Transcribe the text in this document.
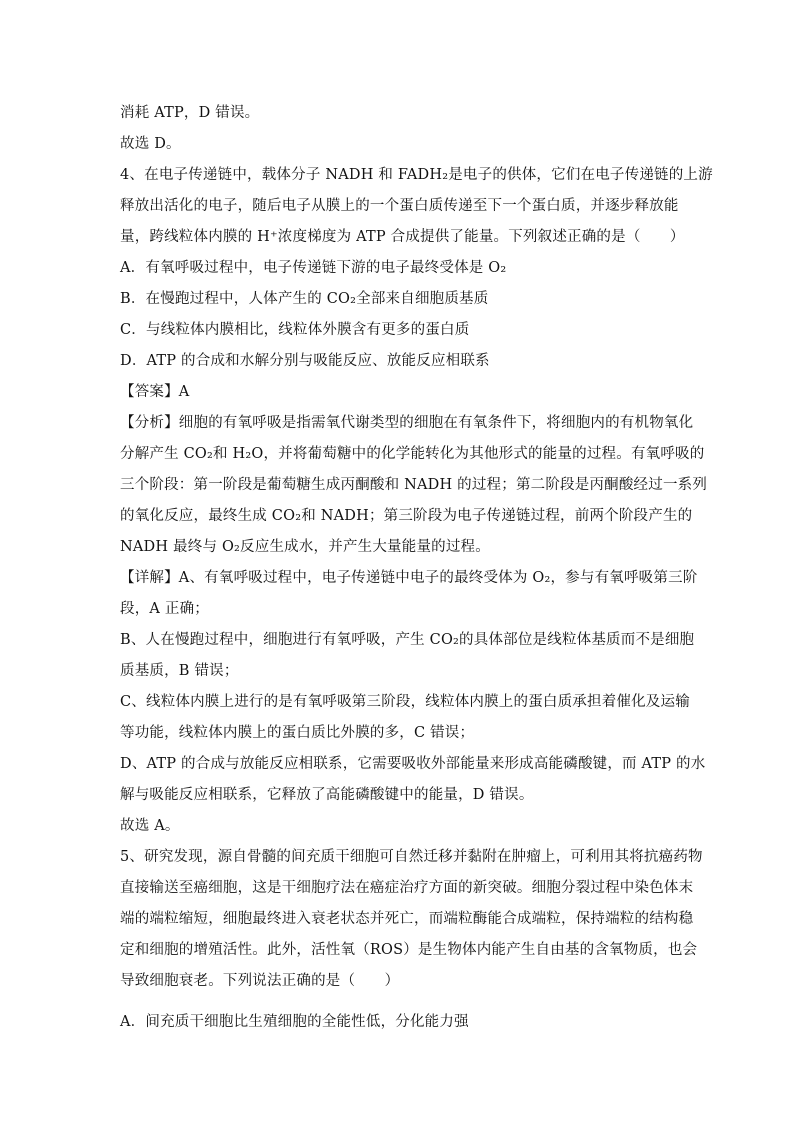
消耗 ATP，D 错误。
故选 D。
4、在电子传递链中，载体分子 NADH 和 FADH₂是电子的供体，它们在电子传递链的上游
释放出活化的电子，随后电子从膜上的一个蛋白质传递至下一个蛋白质，并逐步释放能
量，跨线粒体内膜的 H⁺浓度梯度为 ATP 合成提供了能量。下列叙述正确的是（　　）
A．有氧呼吸过程中，电子传递链下游的电子最终受体是 O₂
B．在慢跑过程中，人体产生的 CO₂全部来自细胞质基质
C．与线粒体内膜相比，线粒体外膜含有更多的蛋白质
D．ATP 的合成和水解分别与吸能反应、放能反应相联系
【答案】A
【分析】细胞的有氧呼吸是指需氧代谢类型的细胞在有氧条件下，将细胞内的有机物氧化
分解产生 CO₂和 H₂O，并将葡萄糖中的化学能转化为其他形式的能量的过程。有氧呼吸的
三个阶段：第一阶段是葡萄糖生成丙酮酸和 NADH 的过程；第二阶段是丙酮酸经过一系列
的氧化反应，最终生成 CO₂和 NADH；第三阶段为电子传递链过程，前两个阶段产生的
NADH 最终与 O₂反应生成水，并产生大量能量的过程。
【详解】A、有氧呼吸过程中，电子传递链中电子的最终受体为 O₂，参与有氧呼吸第三阶
段，A 正确；
B、人在慢跑过程中，细胞进行有氧呼吸，产生 CO₂的具体部位是线粒体基质而不是细胞
质基质，B 错误；
C、线粒体内膜上进行的是有氧呼吸第三阶段，线粒体内膜上的蛋白质承担着催化及运输
等功能，线粒体内膜上的蛋白质比外膜的多，C 错误；
D、ATP 的合成与放能反应相联系，它需要吸收外部能量来形成高能磷酸键，而 ATP 的水
解与吸能反应相联系，它释放了高能磷酸键中的能量，D 错误。
故选 A。
5、研究发现，源自骨髓的间充质干细胞可自然迁移并黏附在肿瘤上，可利用其将抗癌药物
直接输送至癌细胞，这是干细胞疗法在癌症治疗方面的新突破。细胞分裂过程中染色体末
端的端粒缩短，细胞最终进入衰老状态并死亡，而端粒酶能合成端粒，保持端粒的结构稳
定和细胞的增殖活性。此外，活性氧（ROS）是生物体内能产生自由基的含氧物质，也会
导致细胞衰老。下列说法正确的是（　　）
A．间充质干细胞比生殖细胞的全能性低，分化能力强
